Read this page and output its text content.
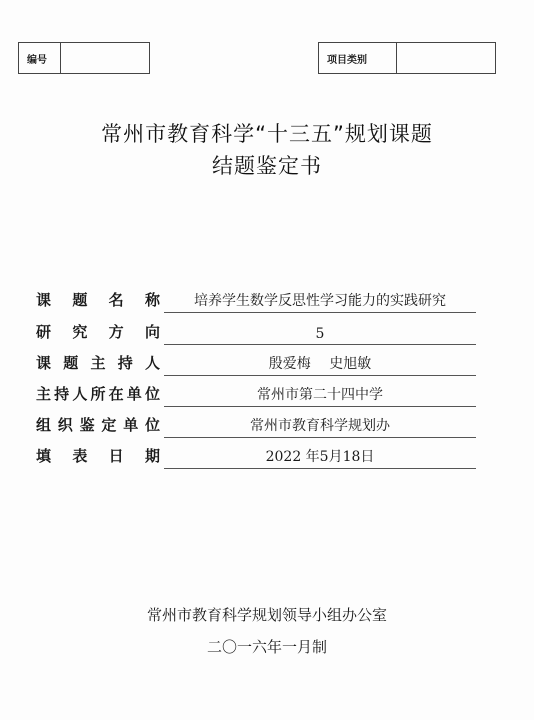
编号	项目类别
常州市教育科学“十三五”规划课题
结题鉴定书
课 题 名 称	培养学生数学反思性学习能力的实践研究
研 究 方 向	5
课 题 主 持 人	殷爱梅　 史旭敏
主 持 人 所 在 单 位	常州市第二十四中学
组 织 鉴 定 单 位	常州市教育科学规划办
填 表 日 期	2022 年5月18日
常州市教育科学规划领导小组办公室
二〇一六年一月制
